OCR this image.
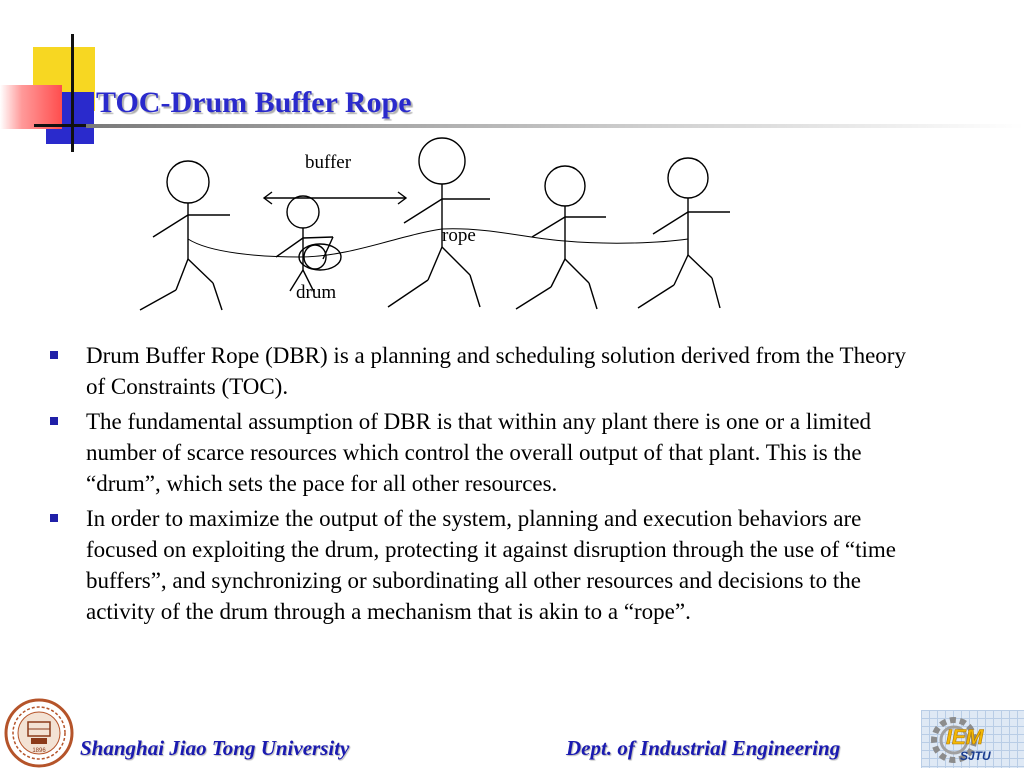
TOC-Drum Buffer Rope
buffer
rope
drum
Drum Buffer Rope (DBR) is a planning and scheduling solution derived from the Theory of Constraints (TOC).
The fundamental assumption of DBR is that within any plant there is one or a limited number of scarce resources which control the overall output of that plant. This is the “drum”, which sets the pace for all other resources.
In order to maximize the output of the system, planning and execution behaviors are focused on exploiting the drum, protecting it against disruption through the use of “time buffers”, and synchronizing or subordinating all other resources and decisions to the activity of the drum through a mechanism that is akin to a “rope”.
1896 Shanghai Jiao Tong University	Dept. of Industrial Engineering	IEM
SJTU
